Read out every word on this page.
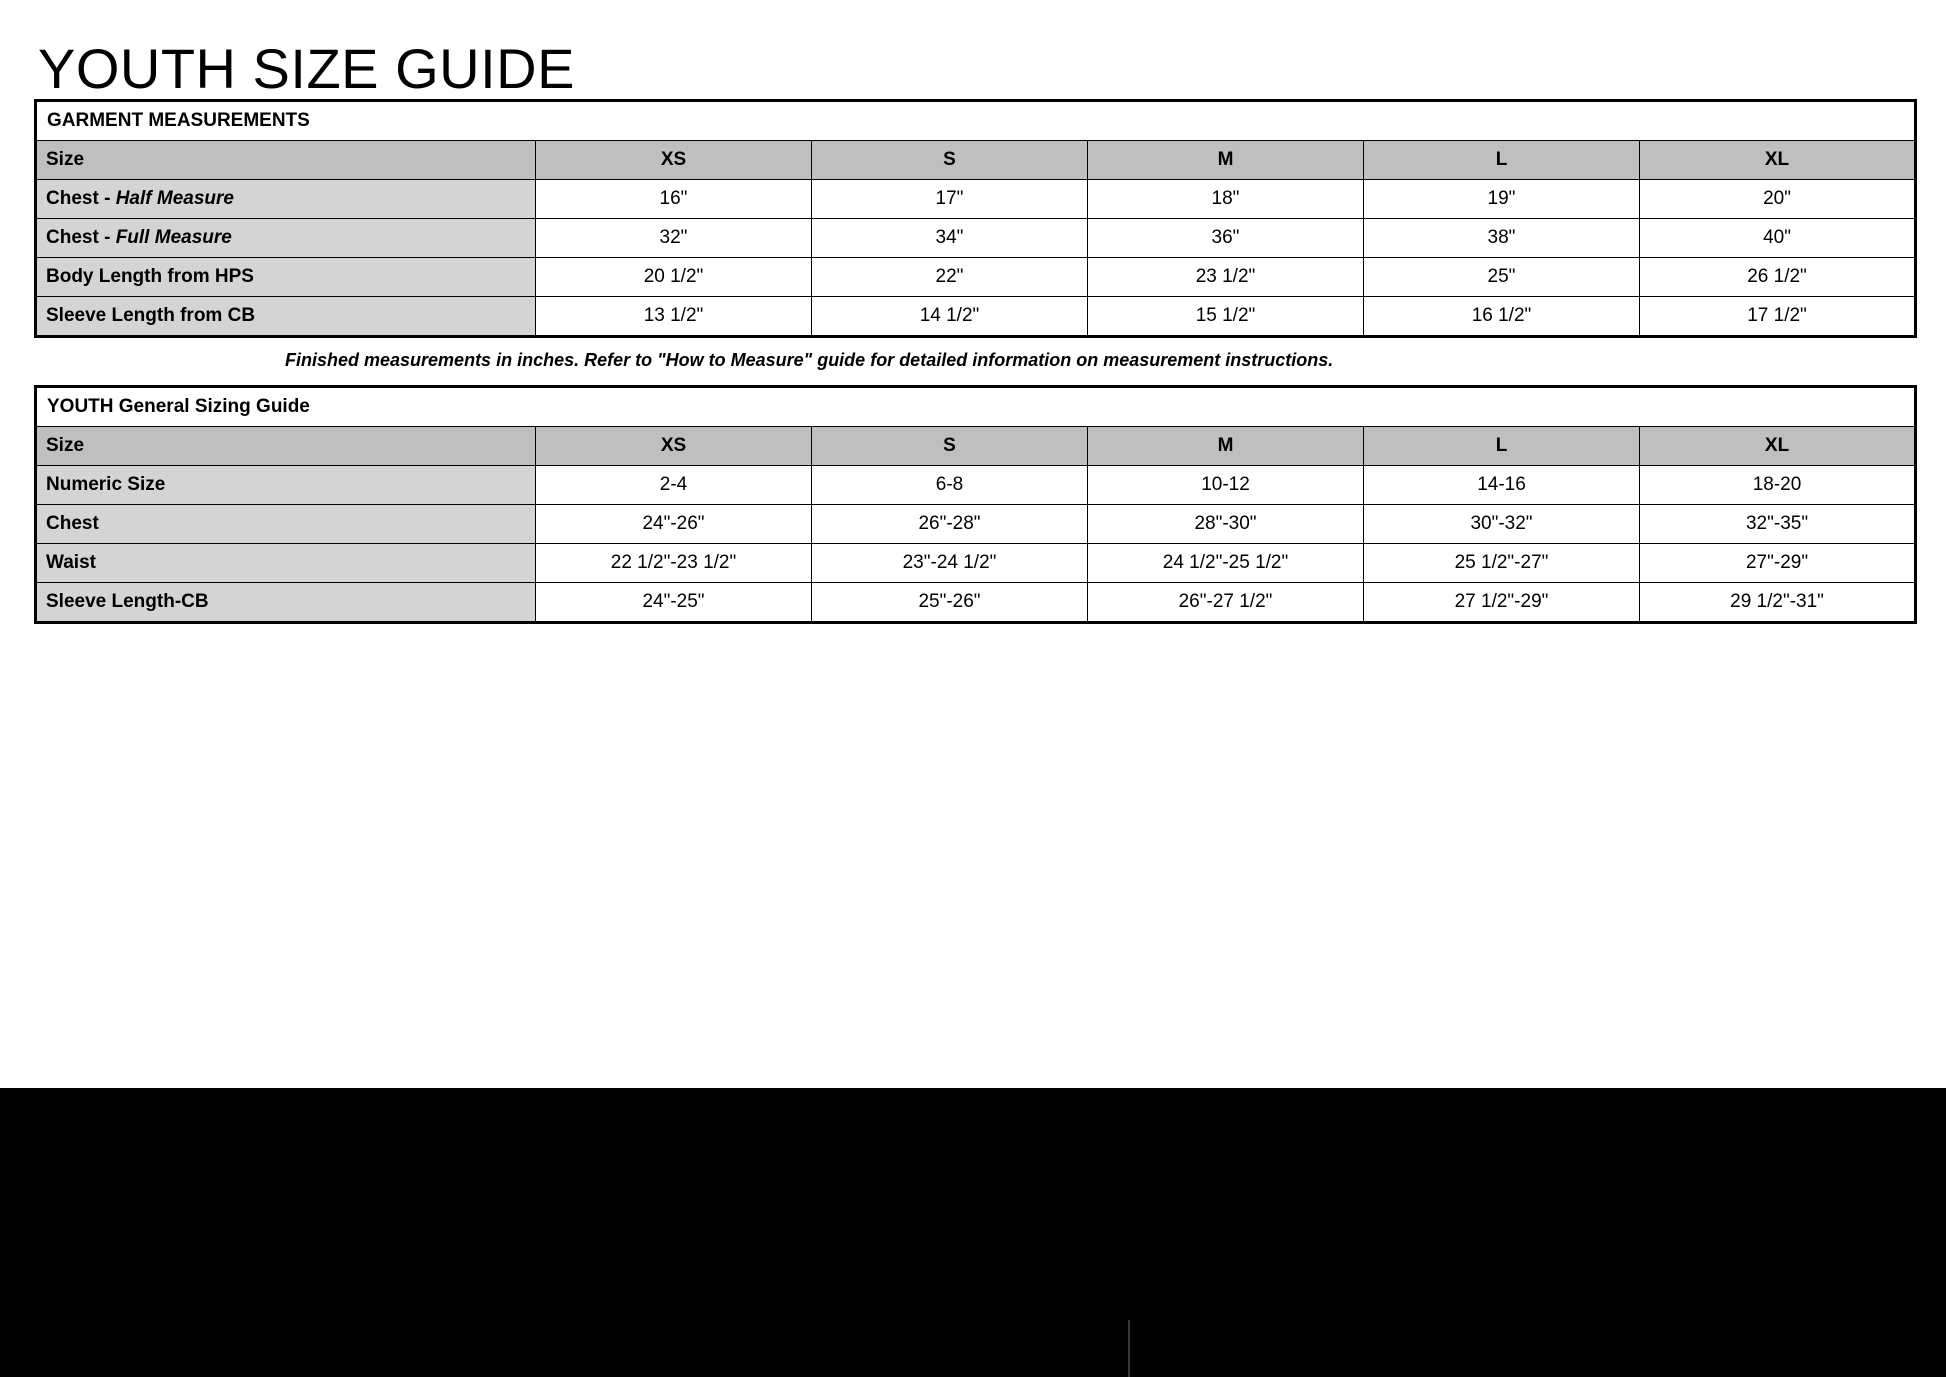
YOUTH SIZE GUIDE
GARMENT MEASUREMENTS					
Size	XS	S	M	L	XL
Chest - Half Measure	16"	17"	18"	19"	20"
Chest - Full Measure	32"	34"	36"	38"	40"
Body Length from HPS	20 1/2"	22"	23 1/2"	25"	26 1/2"
Sleeve Length from CB	13 1/2"	14 1/2"	15 1/2"	16 1/2"	17 1/2"
Finished measurements in inches. Refer to "How to Measure" guide for detailed information on measurement instructions.
YOUTH General Sizing Guide					
Size	XS	S	M	L	XL
Numeric Size	2-4	6-8	10-12	14-16	18-20
Chest	24"-26"	26"-28"	28"-30"	30"-32"	32"-35"
Waist	22 1/2"-23 1/2"	23"-24 1/2"	24 1/2"-25 1/2"	25 1/2"-27"	27"-29"
Sleeve Length-CB	24"-25"	25"-26"	26"-27 1/2"	27 1/2"-29"	29 1/2"-31"
